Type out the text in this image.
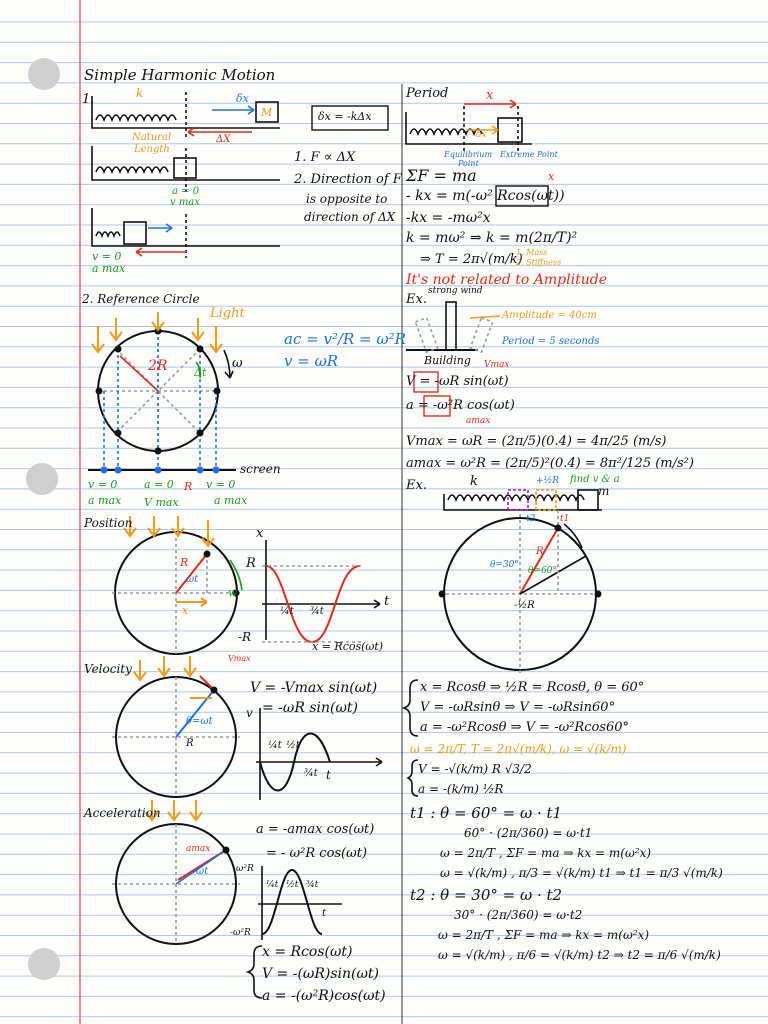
Simple Harmonic Motion
1.	k
M
δx
ΔX
δx = -kΔx
Natural
Length
a = 0
v max
1. F ∝ ΔX
2. Direction of F
is opposite to
direction of ΔX
v = 0
a max
2. Reference Circle
Light
ac = v²/R = ω²R
v = ωR
ω
2R Δt
screen
v = 0 a = 0 R v = 0
a max V max	a max
Position
R
ωt
x
w
x
R
-R
t
¼t ¾t
x = Rcos(ωt)
Velocity
Vmax
θ=ωt
R
V = -Vmax sin(ωt)
= -ωR sin(ωt)
v
¼t ½t
¾t t
Acceleration
amax
ωt
a = -amax cos(ωt)
= - ω²R cos(ωt)
ω²R
-ω²R
¼t ½t ¾t
t
x = Rcos(ωt)
V = -(ωR)sin(ωt)
a = -(ω²R)cos(ωt)
Period	x
δx
Equilibrium
Point
Extreme Point
ΣF = ma	x
- kx = m(-ω² Rcos(ωt))
-kx = -mω²x
k = mω² ⇒ k = m(2π/T)²
⇒ T = 2π√(m/k)
1. Mass
2. Stiffness
It's not related to Amplitude
Ex.
strong wind
Amplitude = 40cm
Period = 5 seconds
Building Vmax
V = -ωR sin(ωt)
a = -ω²R cos(ωt)
amax
Vmax = ωR = (2π/5)(0.4) = 4π/25 (m/s)
amax = ω²R = (2π/5)²(0.4) = 8π²/125 (m/s²)
Ex.	k	+½R find v & a
m
t2	t1
R
θ=30°
θ=60°
-½R
x = Rcosθ ⇒ ½R = Rcosθ, θ = 60°
V = -ωRsinθ ⇒ V = -ωRsin60°
a = -ω²Rcosθ ⇒ V = -ω²Rcos60°
ω = 2π/T, T = 2π√(m/k), ω = √(k/m)
V = -√(k/m) R √3/2
a = -(k/m) ½R
t1 : θ = 60° = ω · t1
60° · (2π/360) = ω·t1
ω = 2π/T , ΣF = ma ⇒ kx = m(ω²x)
ω = √(k/m) , π/3 = √(k/m) t1 ⇒ t1 = π/3 √(m/k)
t2 : θ = 30° = ω · t2
30° · (2π/360) = ω·t2
ω = 2π/T , ΣF = ma ⇒ kx = m(ω²x)
ω = √(k/m) , π/6 = √(k/m) t2 ⇒ t2 = π/6 √(m/k)
